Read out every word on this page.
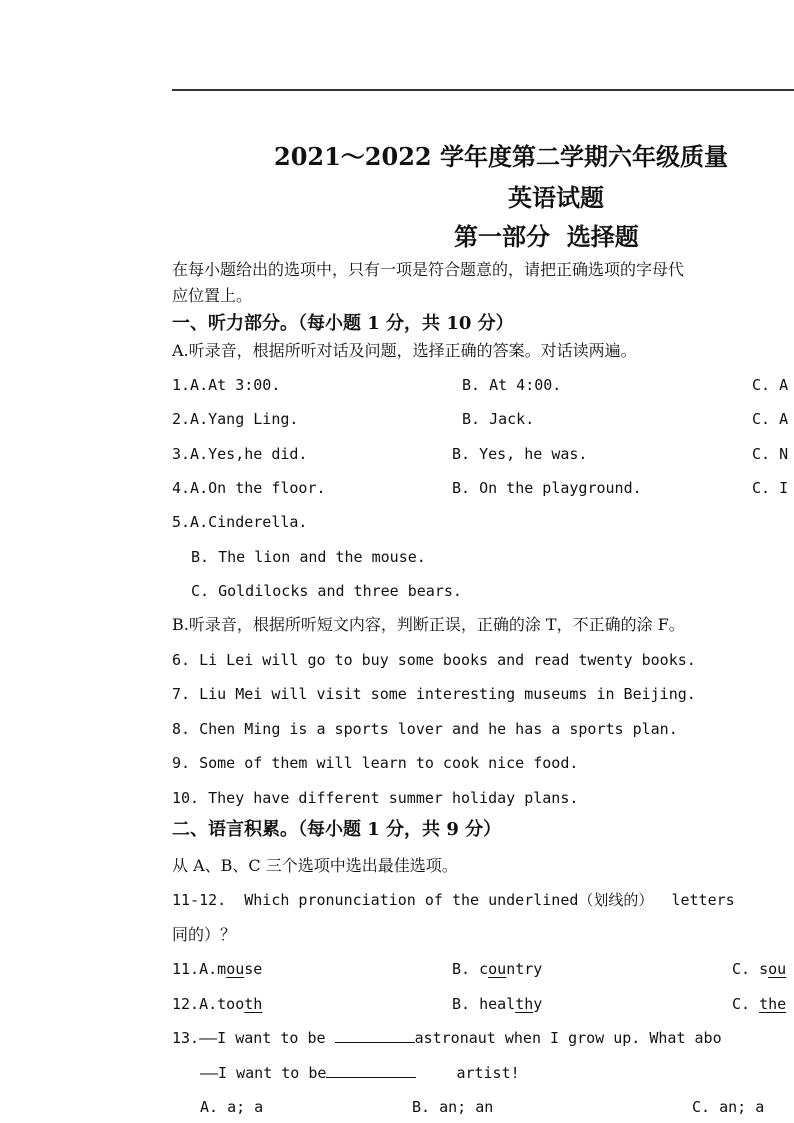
2021～2022 学年度第二学期六年级质量
英语试题
第一部分  选择题
在每小题给出的选项中，只有一项是符合题意的，请把正确选项的字母代
应位置上。
一、听力部分。（每小题 1 分，共 10 分）
A.听录音，根据所听对话及问题，选择正确的答案。对话读两遍。
1.A.At 3:00.	B. At 4:00.	C. A
2.A.Yang Ling.	B. Jack.	C. A
3.A.Yes,he did.	B. Yes, he was.	C. N
4.A.On the floor.	B. On the playground.	C. I
5.A.Cinderella.
B. The lion and the mouse.
C. Goldilocks and three bears.
B.听录音，根据所听短文内容，判断正误，正确的涂 T，不正确的涂 F。
6. Li Lei will go to buy some books and read twenty books.
7. Liu Mei will visit some interesting museums in Beijing.
8. Chen Ming is a sports lover and he has a sports plan.
9. Some of them will learn to cook nice food.
10. They have different summer holiday plans.
二、语言积累。（每小题 1 分，共 9 分）
从 A、B、C 三个选项中选出最佳选项。
11-12.  Which pronunciation of the underlined（划线的）  letters
同的）？
11.A.mouse	B. country	C. sou
12.A.tooth	B. healthy	C. the
13.——I want to be	astronaut when I grow up. What abo
——I want to be	artist!
A. a; a	B. an; an	C. an; a
